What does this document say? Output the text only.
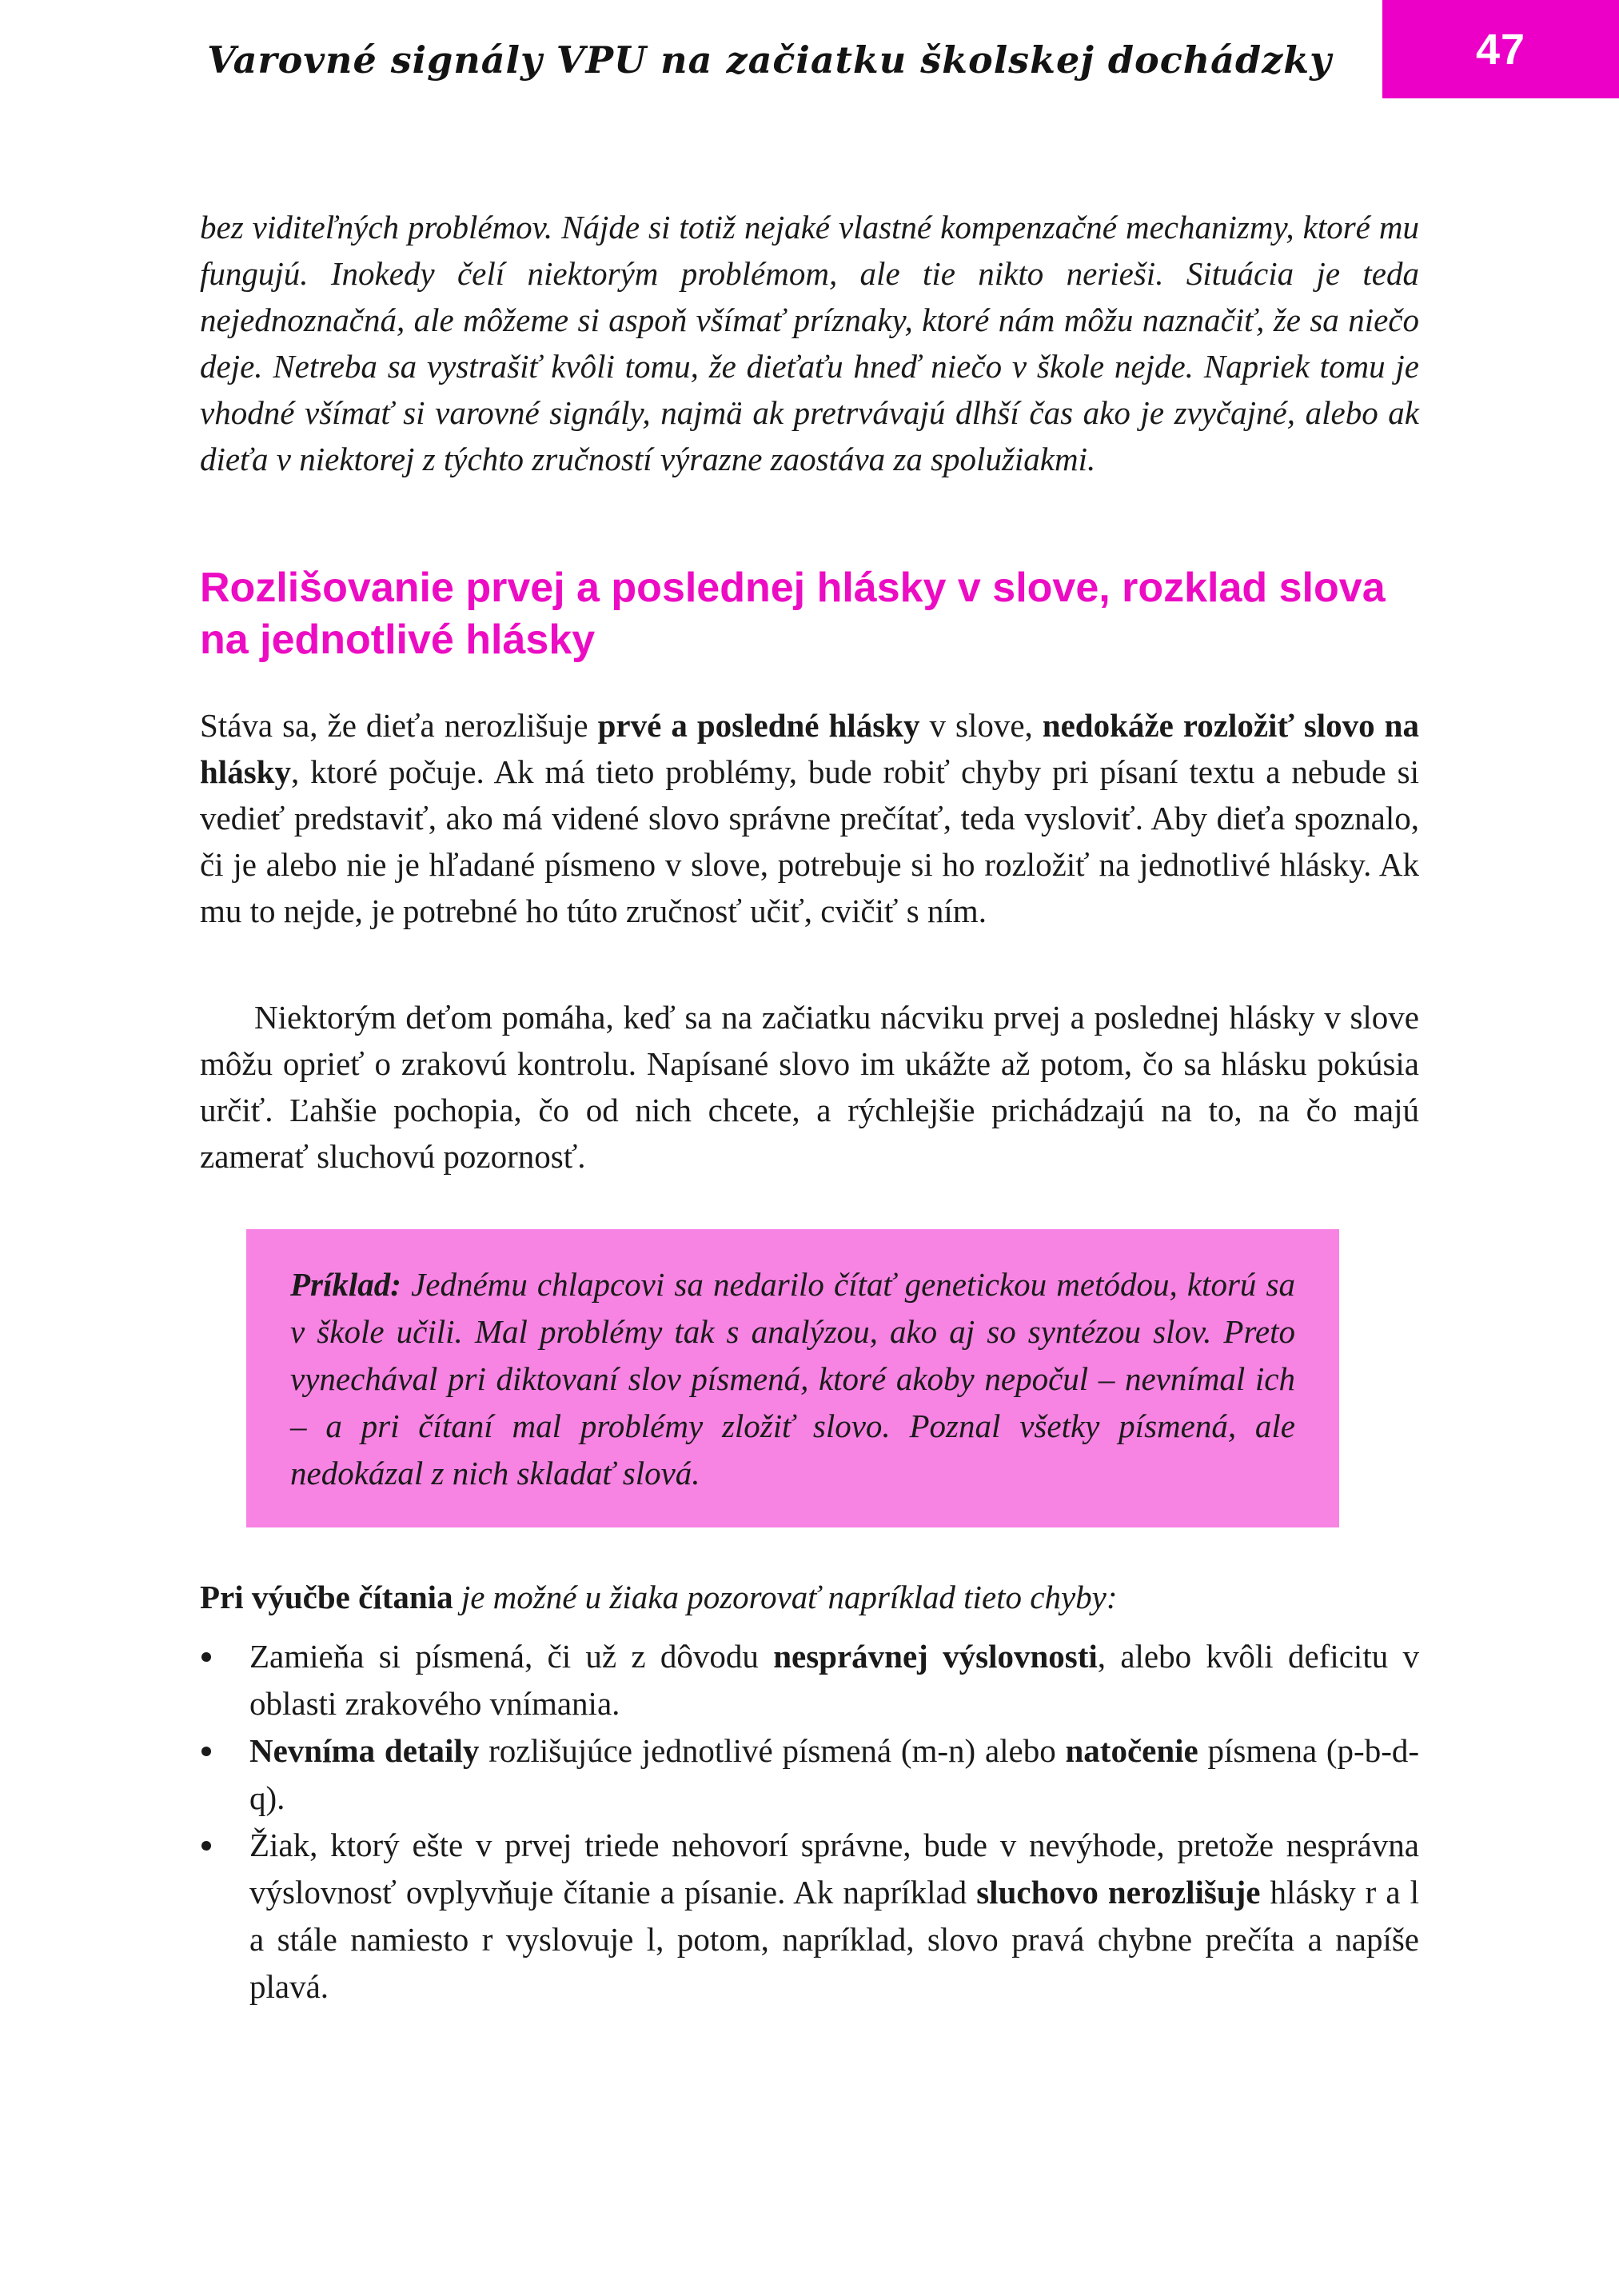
47
Varovné signály VPU na začiatku školskej dochádzky

bez viditeľných problémov. Nájde si totiž nejaké vlastné kompenzačné mechanizmy, ktoré mu fungujú. Inokedy čelí niektorým problémom, ale tie nikto nerieši. Situácia je teda nejednoznačná, ale môžeme si aspoň všímať príznaky, ktoré nám môžu naznačiť, že sa niečo deje. Netreba sa vystrašiť kvôli tomu, že dieťaťu hneď niečo v škole nejde. Napriek tomu je vhodné všímať si varovné signály, najmä ak pretrvávajú dlhší čas ako je zvyčajné, alebo ak dieťa v niektorej z týchto zručností výrazne zaostáva za spolužiakmi.

Rozlišovanie prvej a poslednej hlásky v slove, rozklad slova na jednotlivé hlásky

Stáva sa, že dieťa nerozlišuje prvé a posledné hlásky v slove, nedokáže rozložiť slovo na hlásky, ktoré počuje. Ak má tieto problémy, bude robiť chyby pri písaní textu a nebude si vedieť predstaviť, ako má videné slovo správne prečítať, teda vysloviť. Aby dieťa spoznalo, či je alebo nie je hľadané písmeno v slove, potrebuje si ho rozložiť na jednotlivé hlásky. Ak mu to nejde, je potrebné ho túto zručnosť učiť, cvičiť s ním.

Niektorým deťom pomáha, keď sa na začiatku nácviku prvej a poslednej hlásky v slove môžu oprieť o zrakovú kontrolu. Napísané slovo im ukážte až potom, čo sa hlásku pokúsia určiť. Ľahšie pochopia, čo od nich chcete, a rýchlejšie prichádzajú na to, na čo majú zamerať sluchovú pozornosť.

Príklad: Jednému chlapcovi sa nedarilo čítať genetickou metódou, ktorú sa v škole učili. Mal problémy tak s analýzou, ako aj so syntézou slov. Preto vynechával pri diktovaní slov písmená, ktoré akoby nepočul – nevnímal ich – a pri čítaní mal problémy zložiť slovo. Poznal všetky písmená, ale nedokázal z nich skladať slová.

Pri výučbe čítania je možné u žiaka pozorovať napríklad tieto chyby:

Zamieňa si písmená, či už z dôvodu nesprávnej výslovnosti, alebo kvôli deficitu v oblasti zrakového vnímania.
Nevníma detaily rozlišujúce jednotlivé písmená (m-n) alebo natočenie písmena (p-b-d-q).
Žiak, ktorý ešte v prvej triede nehovorí správne, bude v nevýhode, pretože nesprávna výslovnosť ovplyvňuje čítanie a písanie. Ak napríklad sluchovo nerozlišuje hlásky r a l a stále namiesto r vyslovuje l, potom, napríklad, slovo pravá chybne prečíta a napíše plavá.
